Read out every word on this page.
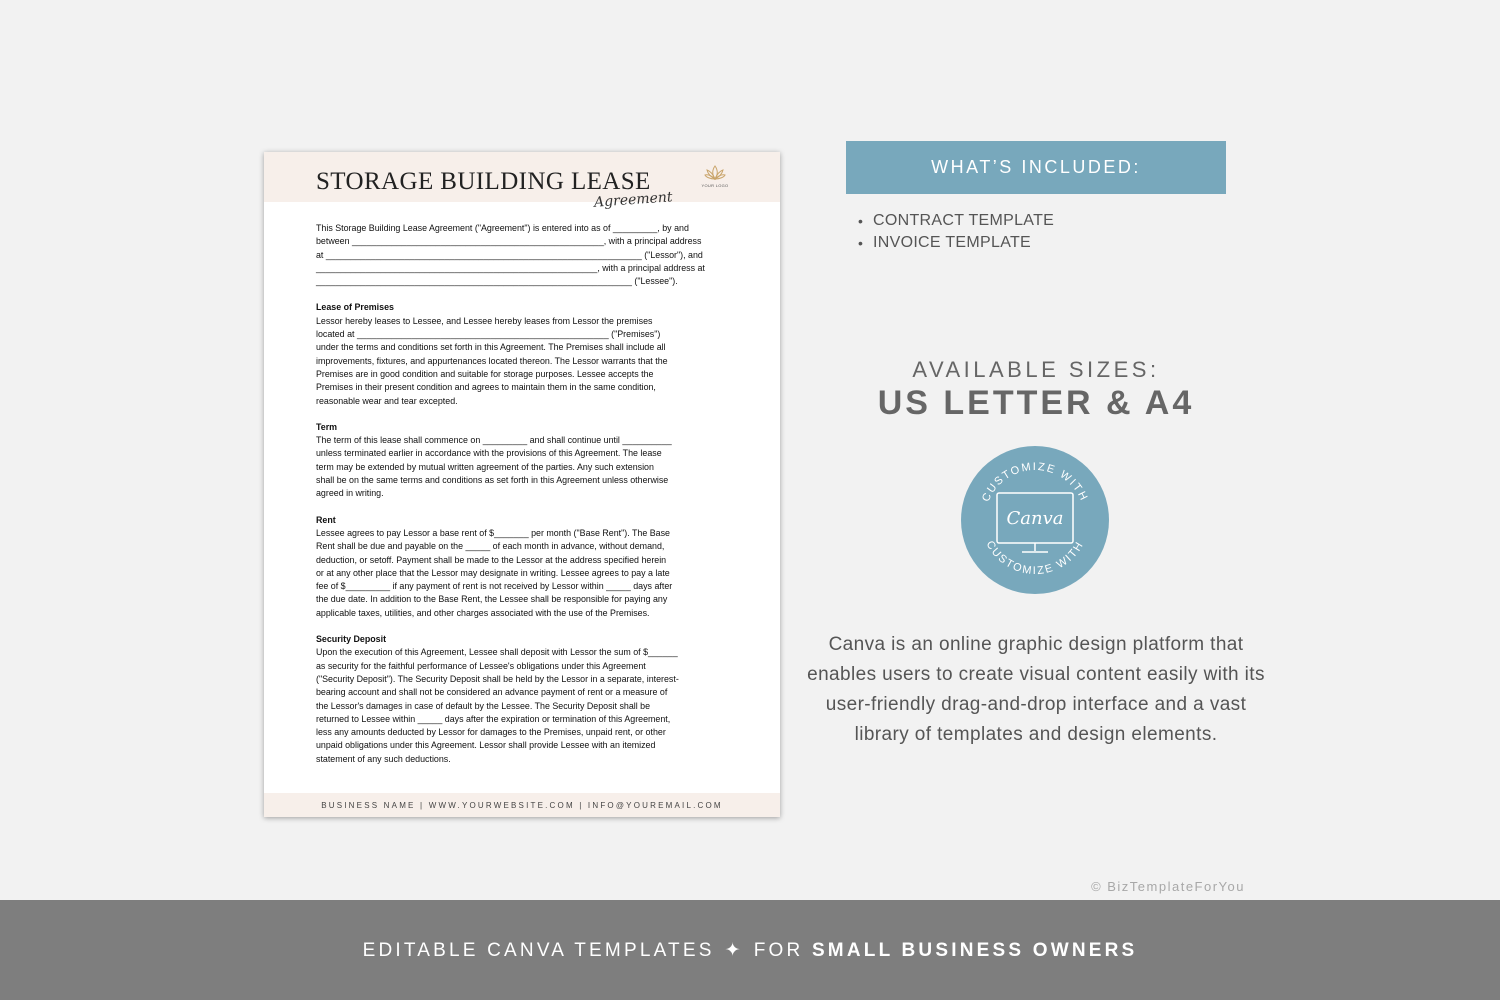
STORAGE BUILDING LEASE
Agreement
YOUR LOGO

This Storage Building Lease Agreement ("Agreement") is entered into as of _________, by and
between ___________________________________________________, with a principal address
at ________________________________________________________________ ("Lessor"), and
_________________________________________________________, with a principal address at
________________________________________________________________ ("Lessee").

Lease of Premises
Lessor hereby leases to Lessee, and Lessee hereby leases from Lessor the premises
located at ___________________________________________________ ("Premises")
under the terms and conditions set forth in this Agreement. The Premises shall include all
improvements, fixtures, and appurtenances located thereon. The Lessor warrants that the
Premises are in good condition and suitable for storage purposes. Lessee accepts the
Premises in their present condition and agrees to maintain them in the same condition,
reasonable wear and tear excepted.

Term
The term of this lease shall commence on _________ and shall continue until __________
unless terminated earlier in accordance with the provisions of this Agreement. The lease
term may be extended by mutual written agreement of the parties. Any such extension
shall be on the same terms and conditions as set forth in this Agreement unless otherwise
agreed in writing.

Rent
Lessee agrees to pay Lessor a base rent of $_______ per month ("Base Rent"). The Base
Rent shall be due and payable on the _____ of each month in advance, without demand,
deduction, or setoff. Payment shall be made to the Lessor at the address specified herein
or at any other place that the Lessor may designate in writing. Lessee agrees to pay a late
fee of $_________ if any payment of rent is not received by Lessor within _____ days after
the due date. In addition to the Base Rent, the Lessee shall be responsible for paying any
applicable taxes, utilities, and other charges associated with the use of the Premises.

Security Deposit
Upon the execution of this Agreement, Lessee shall deposit with Lessor the sum of $______
as security for the faithful performance of Lessee's obligations under this Agreement
("Security Deposit"). The Security Deposit shall be held by the Lessor in a separate, interest-
bearing account and shall not be considered an advance payment of rent or a measure of
the Lessor's damages in case of default by the Lessee. The Security Deposit shall be
returned to Lessee within _____ days after the expiration or termination of this Agreement,
less any amounts deducted by Lessor for damages to the Premises, unpaid rent, or other
unpaid obligations under this Agreement. Lessor shall provide Lessee with an itemized
statement of any such deductions.

BUSINESS NAME | WWW.YOURWEBSITE.COM | INFO@YOUREMAIL.COM
WHAT’S INCLUDED:
• CONTRACT TEMPLATE
• INVOICE TEMPLATE
AVAILABLE SIZES:
US LETTER & A4
CUSTOMIZE WITH
CUSTOMIZE WITH
Canva
Canva is an online graphic design platform that enables users to create visual content easily with its user-friendly drag-and-drop interface and a vast library of templates and design elements.
© BizTemplateForYou
EDITABLE CANVA TEMPLATES ✦ FOR SMALL BUSINESS OWNERS
